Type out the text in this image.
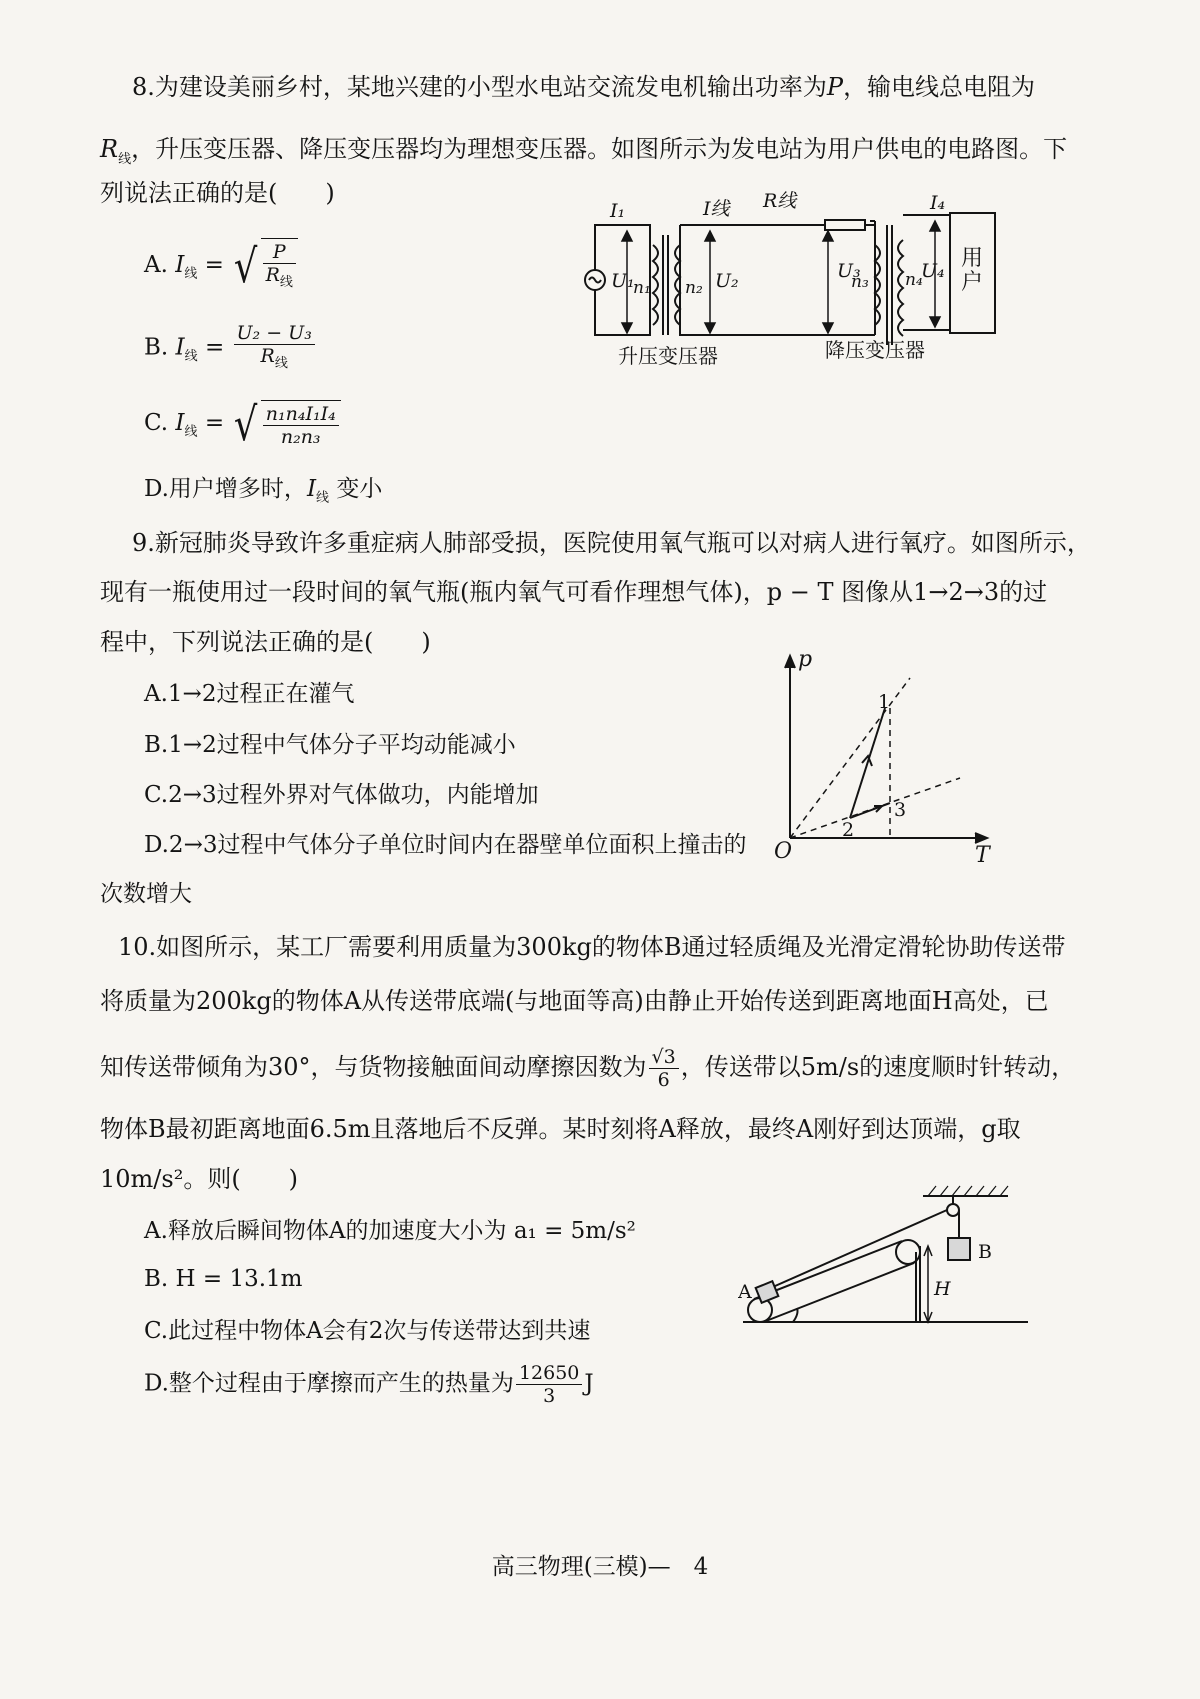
8.为建设美丽乡村，某地兴建的小型水电站交流发电机输出功率为P，输电线总电阻为
$R_线$，升压变压器、降压变压器均为理想变压器。如图所示为发电站为用户供电的电路图。下
列说法正确的是(　　)
A. $I_线$ = √ $\frac{P}{R_线}$
B. $I_线 = \frac{\text{U₂ − U₃}}{R_线}$
C. $I_线$ = √ $\frac{\text{n₁n₄I₁I₄}}{\text{n₂n₃}}$
D.用户增多时，$I_线$ 变小
I₁	I线 R线	I₄
U₁
n₁ n₂ U₂	U₃
n₃ n₄
U₄ 用
户
升压变压器	降压变压器
9.新冠肺炎导致许多重症病人肺部受损，医院使用氧气瓶可以对病人进行氧疗。如图所示，
现有一瓶使用过一段时间的氧气瓶(瓶内氧气可看作理想气体)，p − T 图像从1→2→3的过
程中，下列说法正确的是(　　)
A.1→2过程正在灌气
B.1→2过程中气体分子平均动能减小
C.2→3过程外界对气体做功，内能增加
D.2→3过程中气体分子单位时间内在器壁单位面积上撞击的
次数增大
p
T
O
1
2
3
10.如图所示，某工厂需要利用质量为300kg的物体B通过轻质绳及光滑定滑轮协助传送带
将质量为200kg的物体A从传送带底端(与地面等高)由静止开始传送到距离地面H高处，已
知传送带倾角为30°，与货物接触面间动摩擦因数为 $\frac{√3}{6}$ ，传送带以5m/s的速度顺时针转动，
物体B最初距离地面6.5m且落地后不反弹。某时刻将A释放，最终A刚好到达顶端，g取
10m/s²。则(　　)
A.释放后瞬间物体A的加速度大小为 a₁ = 5m/s²
B. H = 13.1m
C.此过程中物体A会有2次与传送带达到共速
D.整个过程由于摩擦而产生的热量为 $\frac{12650}{3}$ J
B
A	H
高三物理(三模)—　4
